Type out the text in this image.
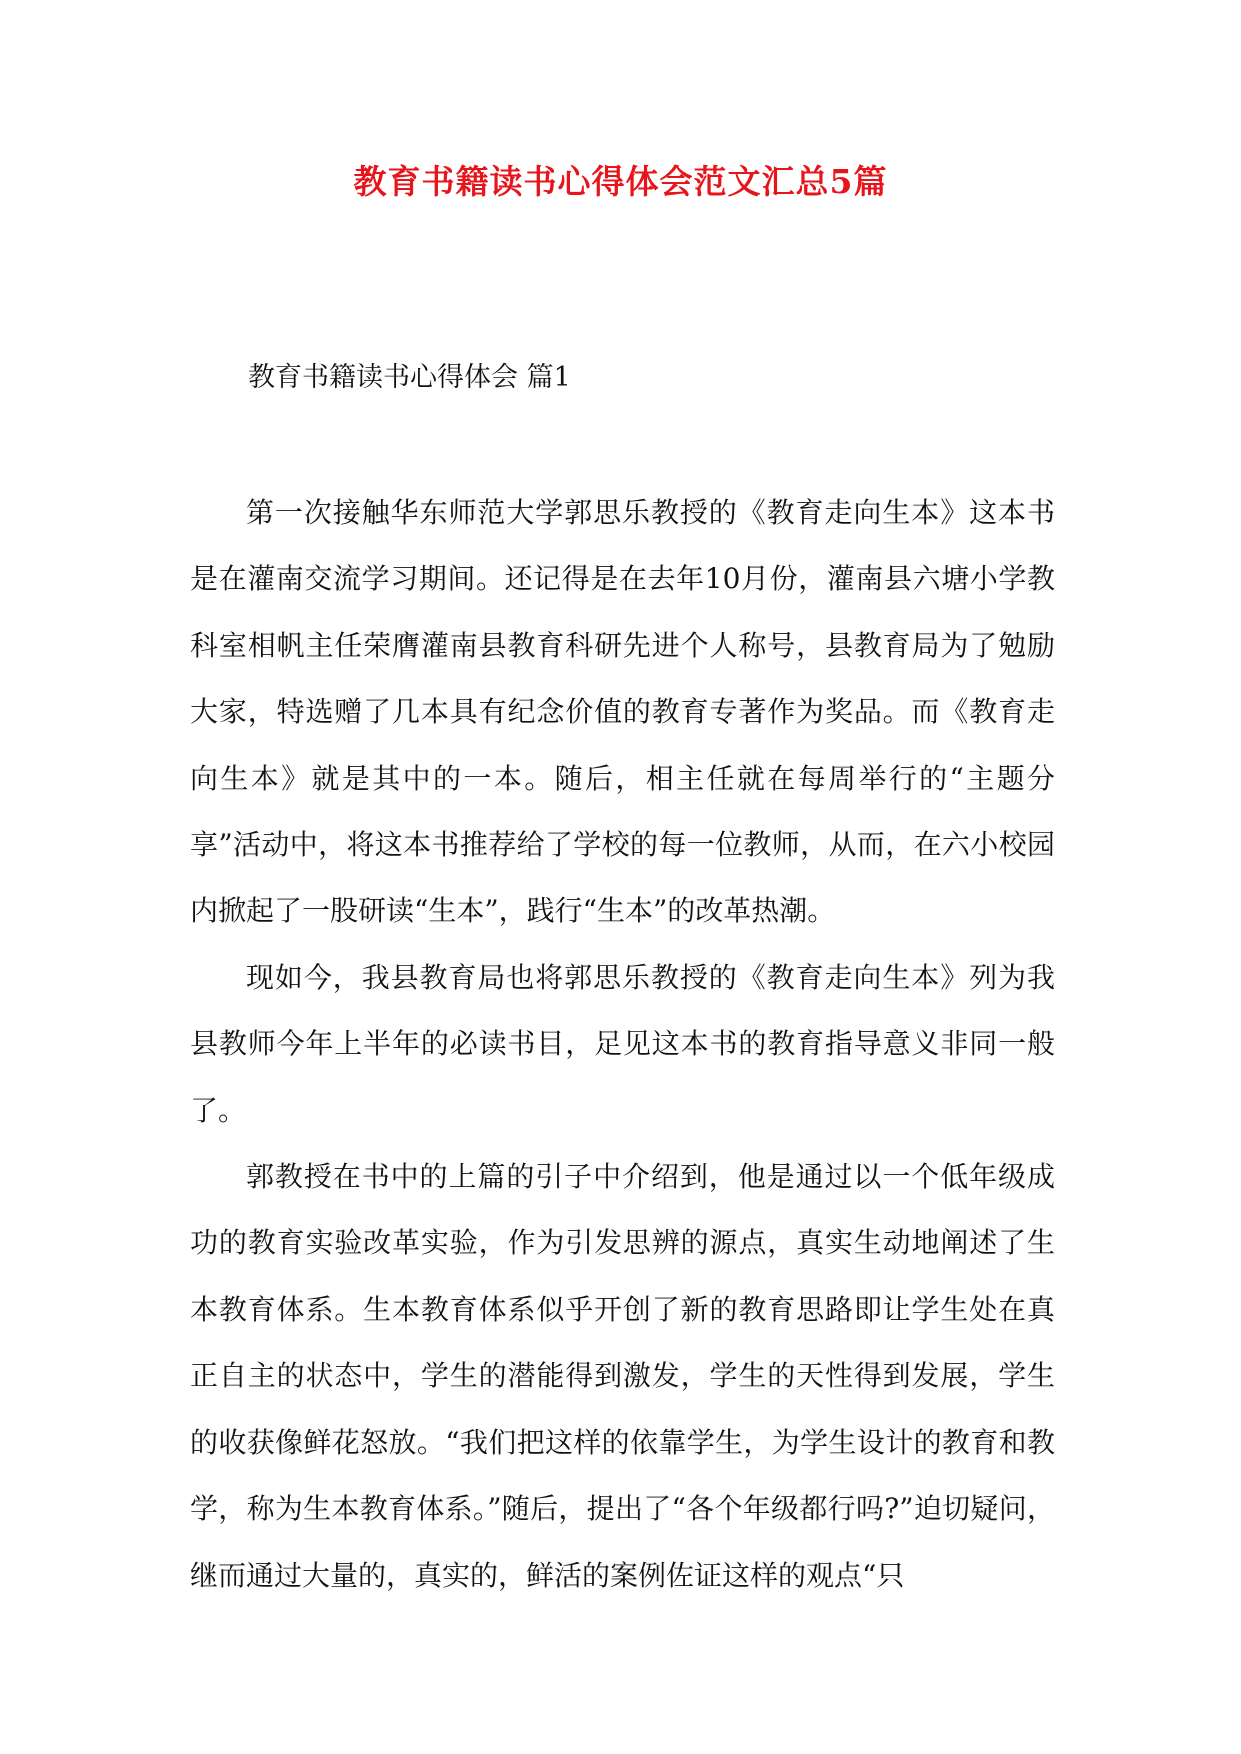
教育书籍读书心得体会范文汇总5篇
教育书籍读书心得体会 篇1

第一次接触华东师范大学郭思乐教授的《教育走向生本》这本书是在灌南交流学习期间。还记得是在去年10月份，灌南县六塘小学教科室相帆主任荣膺灌南县教育科研先进个人称号，县教育局为了勉励大家，特选赠了几本具有纪念价值的教育专著作为奖品。而《教育走向生本》就是其中的一本。随后，相主任就在每周举行的“主题分享”活动中，将这本书推荐给了学校的每一位教师，从而，在六小校园内掀起了一股研读“生本”，践行“生本”的改革热潮。

现如今，我县教育局也将郭思乐教授的《教育走向生本》列为我县教师今年上半年的必读书目，足见这本书的教育指导意义非同一般了。

郭教授在书中的上篇的引子中介绍到，他是通过以一个低年级成功的教育实验改革实验，作为引发思辨的源点，真实生动地阐述了生本教育体系。生本教育体系似乎开创了新的教育思路即让学生处在真正自主的状态中，学生的潜能得到激发，学生的天性得到发展，学生的收获像鲜花怒放。“我们把这样的依靠学生，为学生设计的教育和教学，称为生本教育体系。”随后，提出了“各个年级都行吗?”迫切疑问，继而通过大量的，真实的，鲜活的案例佐证这样的观点“只
